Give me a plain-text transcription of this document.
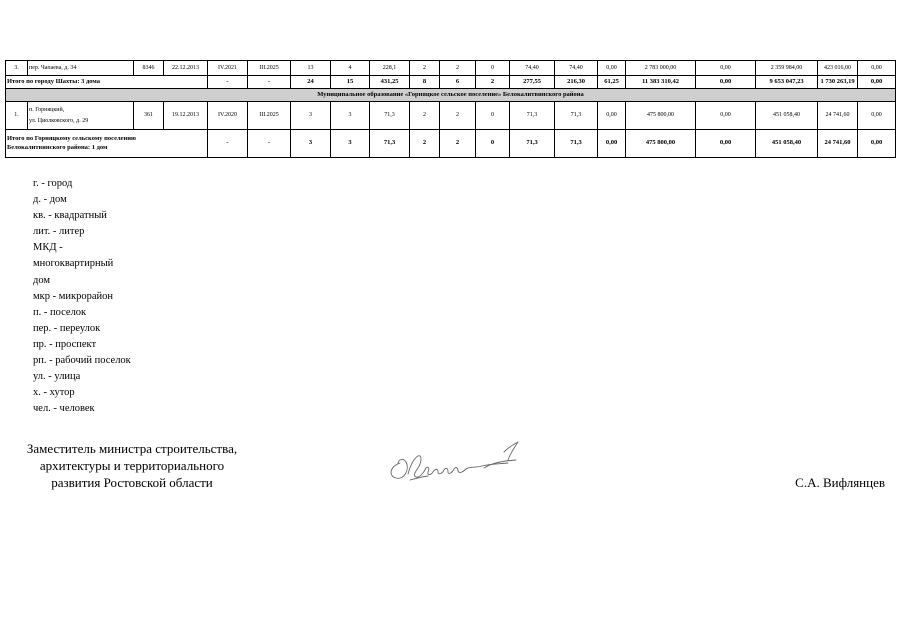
3.	пер. Чапаева, д. 34	8346	22.12.2013	IV.2021	III.2025	13	4	228,1	2	2	0	74,40	74,40	0,00	2 783 000,00	0,00	2 359 984,00	423 016,00	0,00
Итого по городу Шахты: 3 дома				-	-	24	15	431,25	8	6	2	277,55	216,30	61,25	11 383 310,42	0,00	9 653 047,23	1 730 263,19	0,00
Муниципальное образование «Горняцкое сельское поселение» Белокалитвинского района																			
1.	п. Горняцкий,
ул. Циолковского, д. 29	361	19.12.2013	IV.2020	III.2025	3	3	71,3	2	2	0	71,3	71,3	0,00	475 800,00	0,00	451 058,40	24 741,60	0,00

Итого по Горняцкому сельскому поселению
Белокалитвинского района: 1 дом				-	-	3	3	71,3	2	2	0	71,3	71,3	0,00	475 800,00	0,00	451 058,40	24 741,60	0,00
г. - город
д. - дом
кв. - квадратный
лит. - литер
МКД -
многоквартирный
дом
мкр - микрорайон
п. - поселок
пер. - переулок
пр. - проспект
рп. - рабочий поселок
ул. - улица
х. - хутор
чел. - человек
Заместитель министра строительства,
архитектуры и территориального
развития Ростовской области	С.А. Вифлянцев
